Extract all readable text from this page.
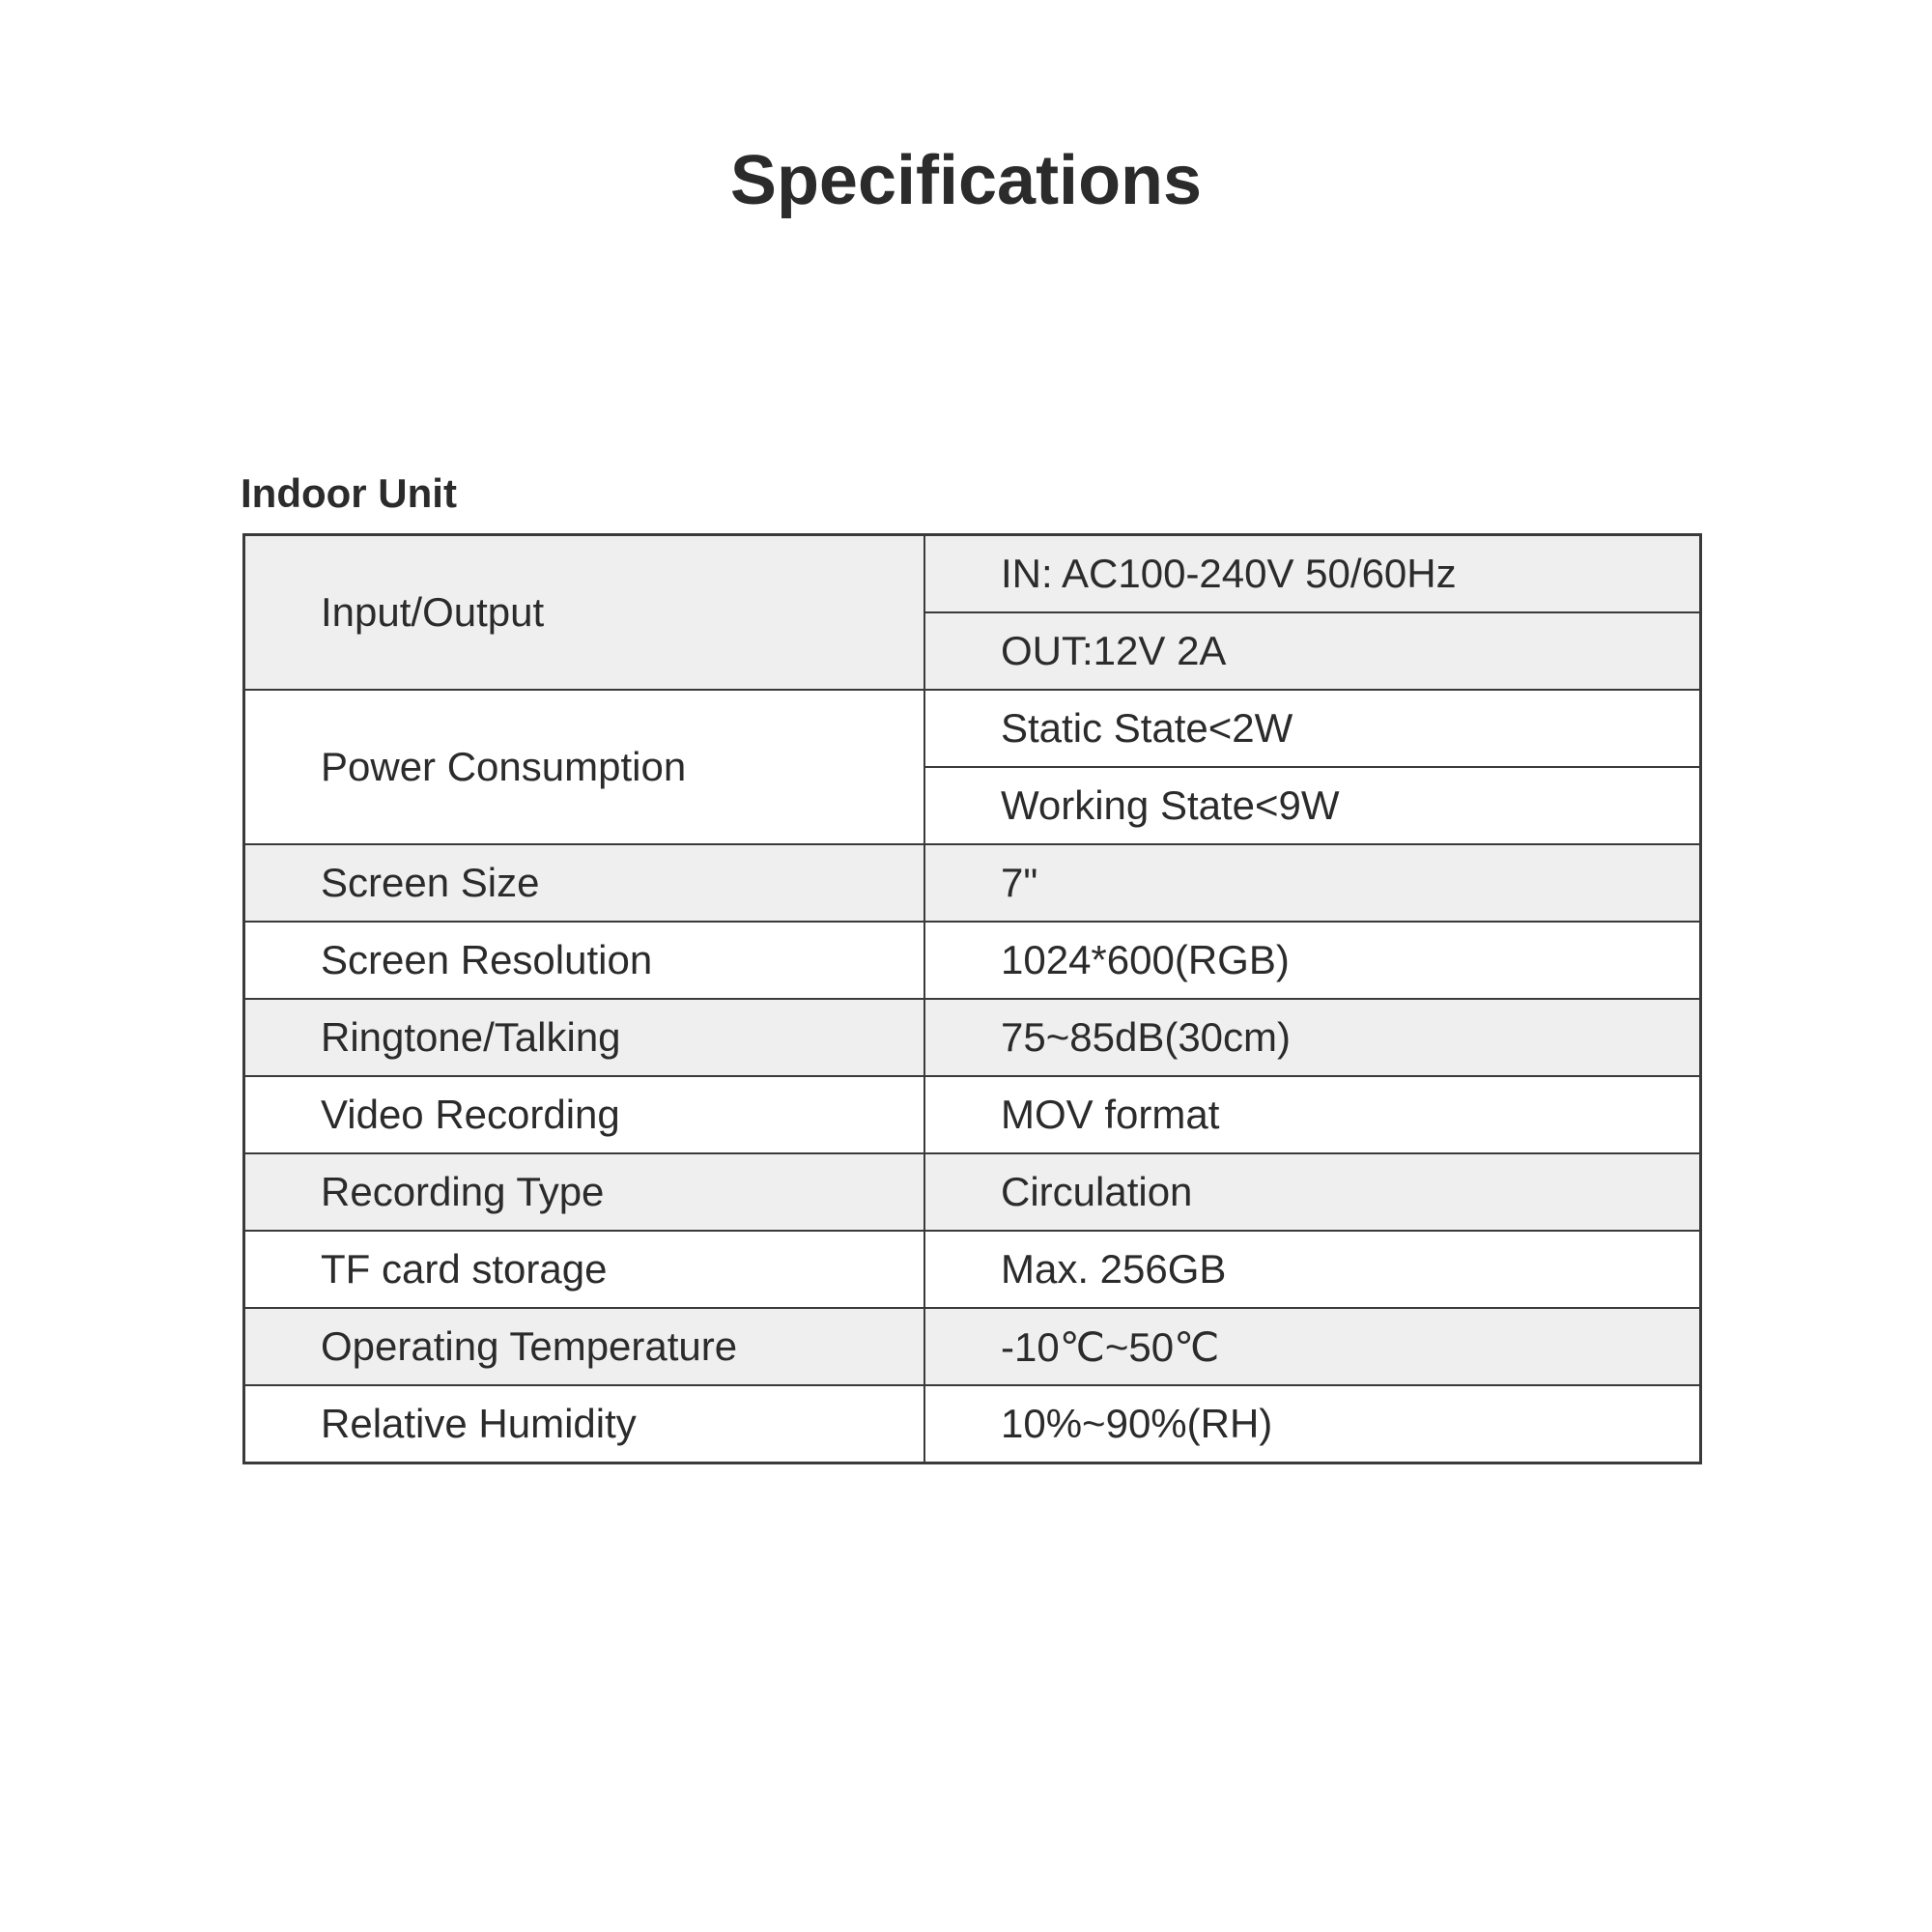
Specifications
Indoor Unit
Input/Output	IN: AC100-240V 50/60Hz
	OUT:12V 2A
Power Consumption	Static State<2W
	Working State<9W
Screen Size	7"
Screen Resolution	1024*600(RGB)
Ringtone/Talking	75~85dB(30cm)
Video Recording	MOV format
Recording Type	Circulation
TF card storage	Max. 256GB
Operating Temperature	-10℃~50℃
Relative Humidity	10%~90%(RH)
